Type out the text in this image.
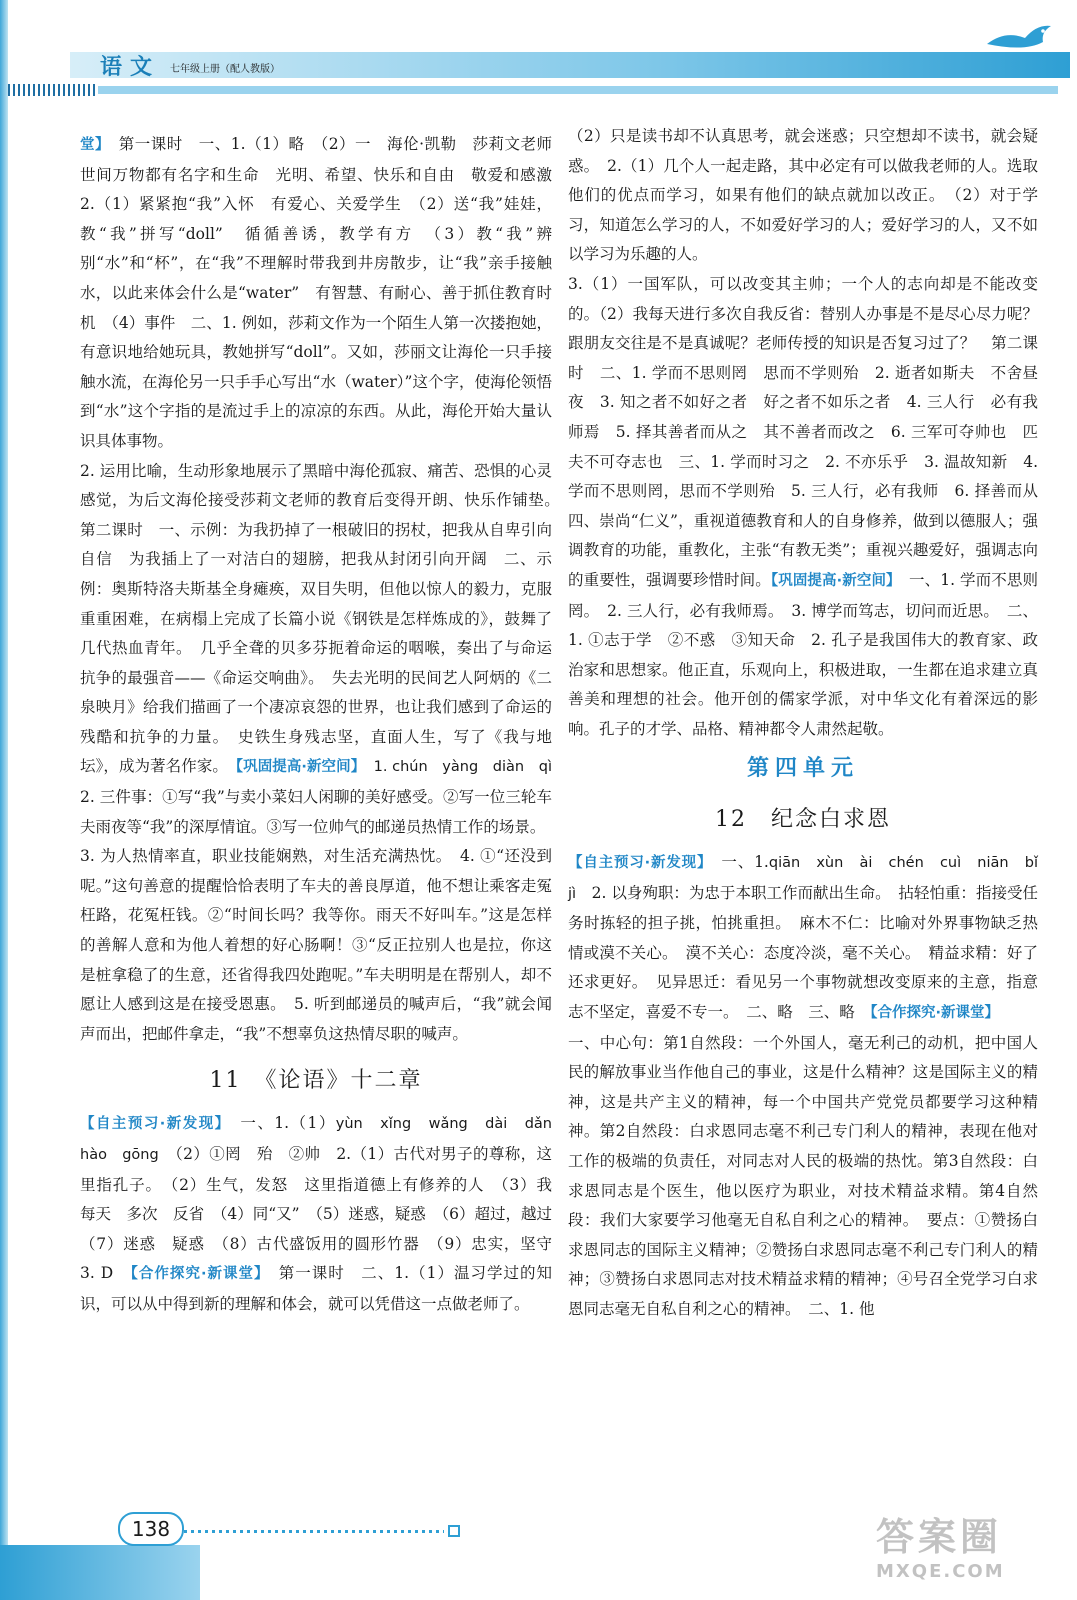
语文 七年级上册（配人教版）

堂】　 第一课时　一、1.（1）略　（2）一　海伦·凯勒　莎莉文老师　世间万物都有名字和生命　光明、希望、快乐和自由　敬爱和感激　2.（1）紧紧抱“我”入怀　有爱心、关爱学生　（2）送“我”娃娃，教“我”拼写“doll”　循循善诱，教学有方　（3）教“我”辨别“水”和“杯”，在“我”不理解时带我到井房散步，让“我”亲手接触水，以此来体会什么是“water”　有智慧、有耐心、善于抓住教育时机　（4）事件　二、1. 例如，莎莉文作为一个陌生人第一次搂抱她，有意识地给她玩具，教她拼写“doll”。又如，莎丽文让海伦一只手接触水流，在海伦另一只手手心写出“水（water）”这个字，使海伦领悟到“水”这个字指的是流过手上的凉凉的东西。从此，海伦开始大量认识具体事物。

2. 运用比喻，生动形象地展示了黑暗中海伦孤寂、痛苦、恐惧的心灵感觉，为后文海伦接受莎莉文老师的教育后变得开朗、快乐作铺垫。　第二课时　一、示例：为我扔掉了一根破旧的拐杖，把我从自卑引向自信　为我插上了一对洁白的翅膀，把我从封闭引向开阔　二、示例：奥斯特洛夫斯基全身瘫痪，双目失明，但他以惊人的毅力，克服重重困难，在病榻上完成了长篇小说《钢铁是怎样炼成的》，鼓舞了几代热血青年。　几乎全聋的贝多芬扼着命运的咽喉，奏出了与命运抗争的最强音——《命运交响曲》。　失去光明的民间艺人阿炳的《二泉映月》给我们描画了一个凄凉哀怨的世界，也让我们感到了命运的残酷和抗争的力量。　史铁生身残志坚，直面人生，写了《我与地坛》，成为著名作家。　【巩固提高·新空间】　 1. chún　yàng　diàn　qì　2. 三件事：①写“我”与卖小菜妇人闲聊的美好感受。②写一位三轮车夫雨夜等“我”的深厚情谊。③写一位帅气的邮递员热情工作的场景。

3. 为人热情率直，职业技能娴熟，对生活充满热忱。　4. ①“还没到呢。”这句善意的提醒恰恰表明了车夫的善良厚道，他不想让乘客走冤枉路，花冤枉钱。②“时间长吗？我等你。雨天不好叫车。”这是怎样的善解人意和为他人着想的好心肠啊！③“反正拉别人也是拉，你这是桩拿稳了的生意，还省得我四处跑呢。”车夫明明是在帮别人，却不愿让人感到这是在接受恩惠。　5. 听到邮递员的喊声后，“我”就会闻声而出，把邮件拿走，“我”不想辜负这热情尽职的喊声。

11　《论语》十二章

【自主预习·新发现】　 一、1.（1）yùn　xǐng　wǎng　dài　dǎn　hào　gōng　 （2）①罔　殆　②帅　2.（1）古代对男子的尊称，这里指孔子。　（2）生气，发怒　这里指道德上有修养的人　（3）我　每天　多次　反省　（4）同“又”　（5）迷惑，疑惑　（6）超过，越过　（7）迷惑　疑惑　（8）古代盛饭用的圆形竹器　（9）忠实，坚守　3. D　【合作探究·新课堂】　 第一课时　二、1.（1）温习学过的知识，可以从中得到新的理解和体会，就可以凭借这一点做老师了。

（2）只是读书却不认真思考，就会迷惑；只空想却不读书，就会疑惑。　2.（1）几个人一起走路，其中必定有可以做我老师的人。选取他们的优点而学习，如果有他们的缺点就加以改正。　（2）对于学习，知道怎么学习的人，不如爱好学习的人；爱好学习的人，又不如以学习为乐趣的人。

3.（1）一国军队，可以改变其主帅；一个人的志向却是不能改变的。（2）我每天进行多次自我反省：替别人办事是不是尽心尽力呢？跟朋友交往是不是真诚呢？老师传授的知识是否复习过了？　第二课时　二、1. 学而不思则罔　思而不学则殆　2. 逝者如斯夫　不舍昼夜　3. 知之者不如好之者　好之者不如乐之者　4. 三人行　必有我师焉　5. 择其善者而从之　其不善者而改之　6. 三军可夺帅也　匹夫不可夺志也　三、1. 学而时习之　2. 不亦乐乎　3. 温故知新　4. 学而不思则罔，思而不学则殆　5. 三人行，必有我师　6. 择善而从　四、崇尚“仁义”，重视道德教育和人的自身修养，做到以德服人；强调教育的功能，重教化，主张“有教无类”；重视兴趣爱好，强调志向的重要性，强调要珍惜时间。【巩固提高·新空间】　 一、1. 学而不思则罔。　2. 三人行，必有我师焉。　3. 博学而笃志，切问而近思。　二、1. ①志于学　②不惑　③知天命　2. 孔子是我国伟大的教育家、政治家和思想家。他正直，乐观向上，积极进取，一生都在追求建立真善美和理想的社会。他开创的儒家学派，对中华文化有着深远的影响。孔子的才学、品格、精神都令人肃然起敬。

第四单元
12　纪念白求恩

【自主预习·新发现】　 一、1.qiān　xùn　ài　chén　cuì　niān　bǐ　jì　 2. 以身殉职：为忠于本职工作而献出生命。　拈轻怕重：指接受任务时拣轻的担子挑，怕挑重担。　麻木不仁：比喻对外界事物缺乏热情或漠不关心。　漠不关心：态度冷淡，毫不关心。　精益求精：好了还求更好。　见异思迁：看见另一个事物就想改变原来的主意，指意志不坚定，喜爱不专一。　二、略　三、略　【合作探究·新课堂】

一、中心句：第1自然段：一个外国人，毫无利己的动机，把中国人民的解放事业当作他自己的事业，这是什么精神？这是国际主义的精神，这是共产主义的精神，每一个中国共产党党员都要学习这种精神。第2自然段：白求恩同志毫不利己专门利人的精神，表现在他对工作的极端的负责任，对同志对人民的极端的热忱。第3自然段：白求恩同志是个医生，他以医疗为职业，对技术精益求精。第4自然段：我们大家要学习他毫无自私自利之心的精神。　要点：①赞扬白求恩同志的国际主义精神；②赞扬白求恩同志毫不利己专门利人的精神；③赞扬白求恩同志对技术精益求精的精神；④号召全党学习白求恩同志毫无自私自利之心的精神。　二、1. 他

138	答案圈
MXQE.COM
